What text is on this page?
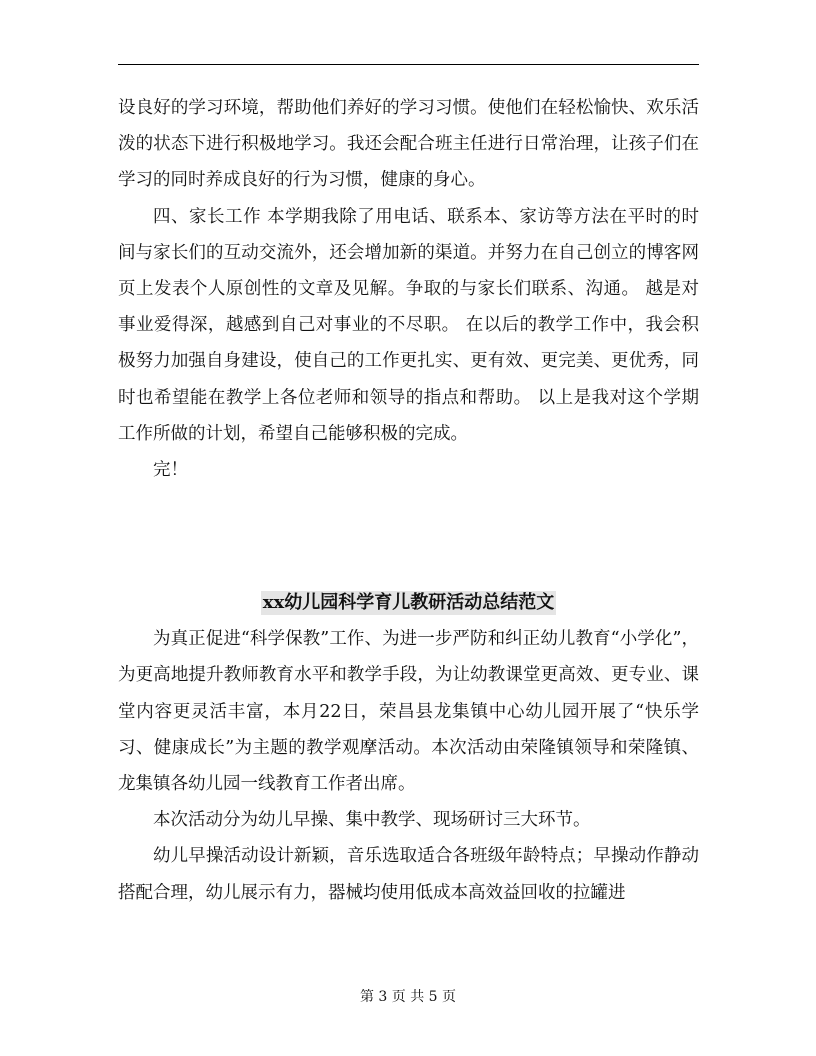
设良好的学习环境，帮助他们养好的学习习惯。使他们在轻松愉快、欢乐活泼的状态下进行积极地学习。我还会配合班主任进行日常治理，让孩子们在学习的同时养成良好的行为习惯，健康的身心。

四、家长工作 本学期我除了用电话、联系本、家访等方法在平时的时间与家长们的互动交流外，还会增加新的渠道。并努力在自己创立的博客网页上发表个人原创性的文章及见解。争取的与家长们联系、沟通。 越是对事业爱得深，越感到自己对事业的不尽职。 在以后的教学工作中，我会积极努力加强自身建设，使自己的工作更扎实、更有效、更完美、更优秀，同时也希望能在教学上各位老师和领导的指点和帮助。 以上是我对这个学期工作所做的计划，希望自己能够积极的完成。

完！

xx幼儿园科学育儿教研活动总结范文

为真正促进“科学保教”工作、为进一步严防和纠正幼儿教育“小学化”，为更高地提升教师教育水平和教学手段，为让幼教课堂更高效、更专业、课堂内容更灵活丰富，本月22日，荣昌县龙集镇中心幼儿园开展了“快乐学习、健康成长”为主题的教学观摩活动。本次活动由荣隆镇领导和荣隆镇、龙集镇各幼儿园一线教育工作者出席。

本次活动分为幼儿早操、集中教学、现场研讨三大环节。

幼儿早操活动设计新颖，音乐选取适合各班级年龄特点；早操动作静动搭配合理，幼儿展示有力，器械均使用低成本高效益回收的拉罐进

第 3 页 共 5 页
